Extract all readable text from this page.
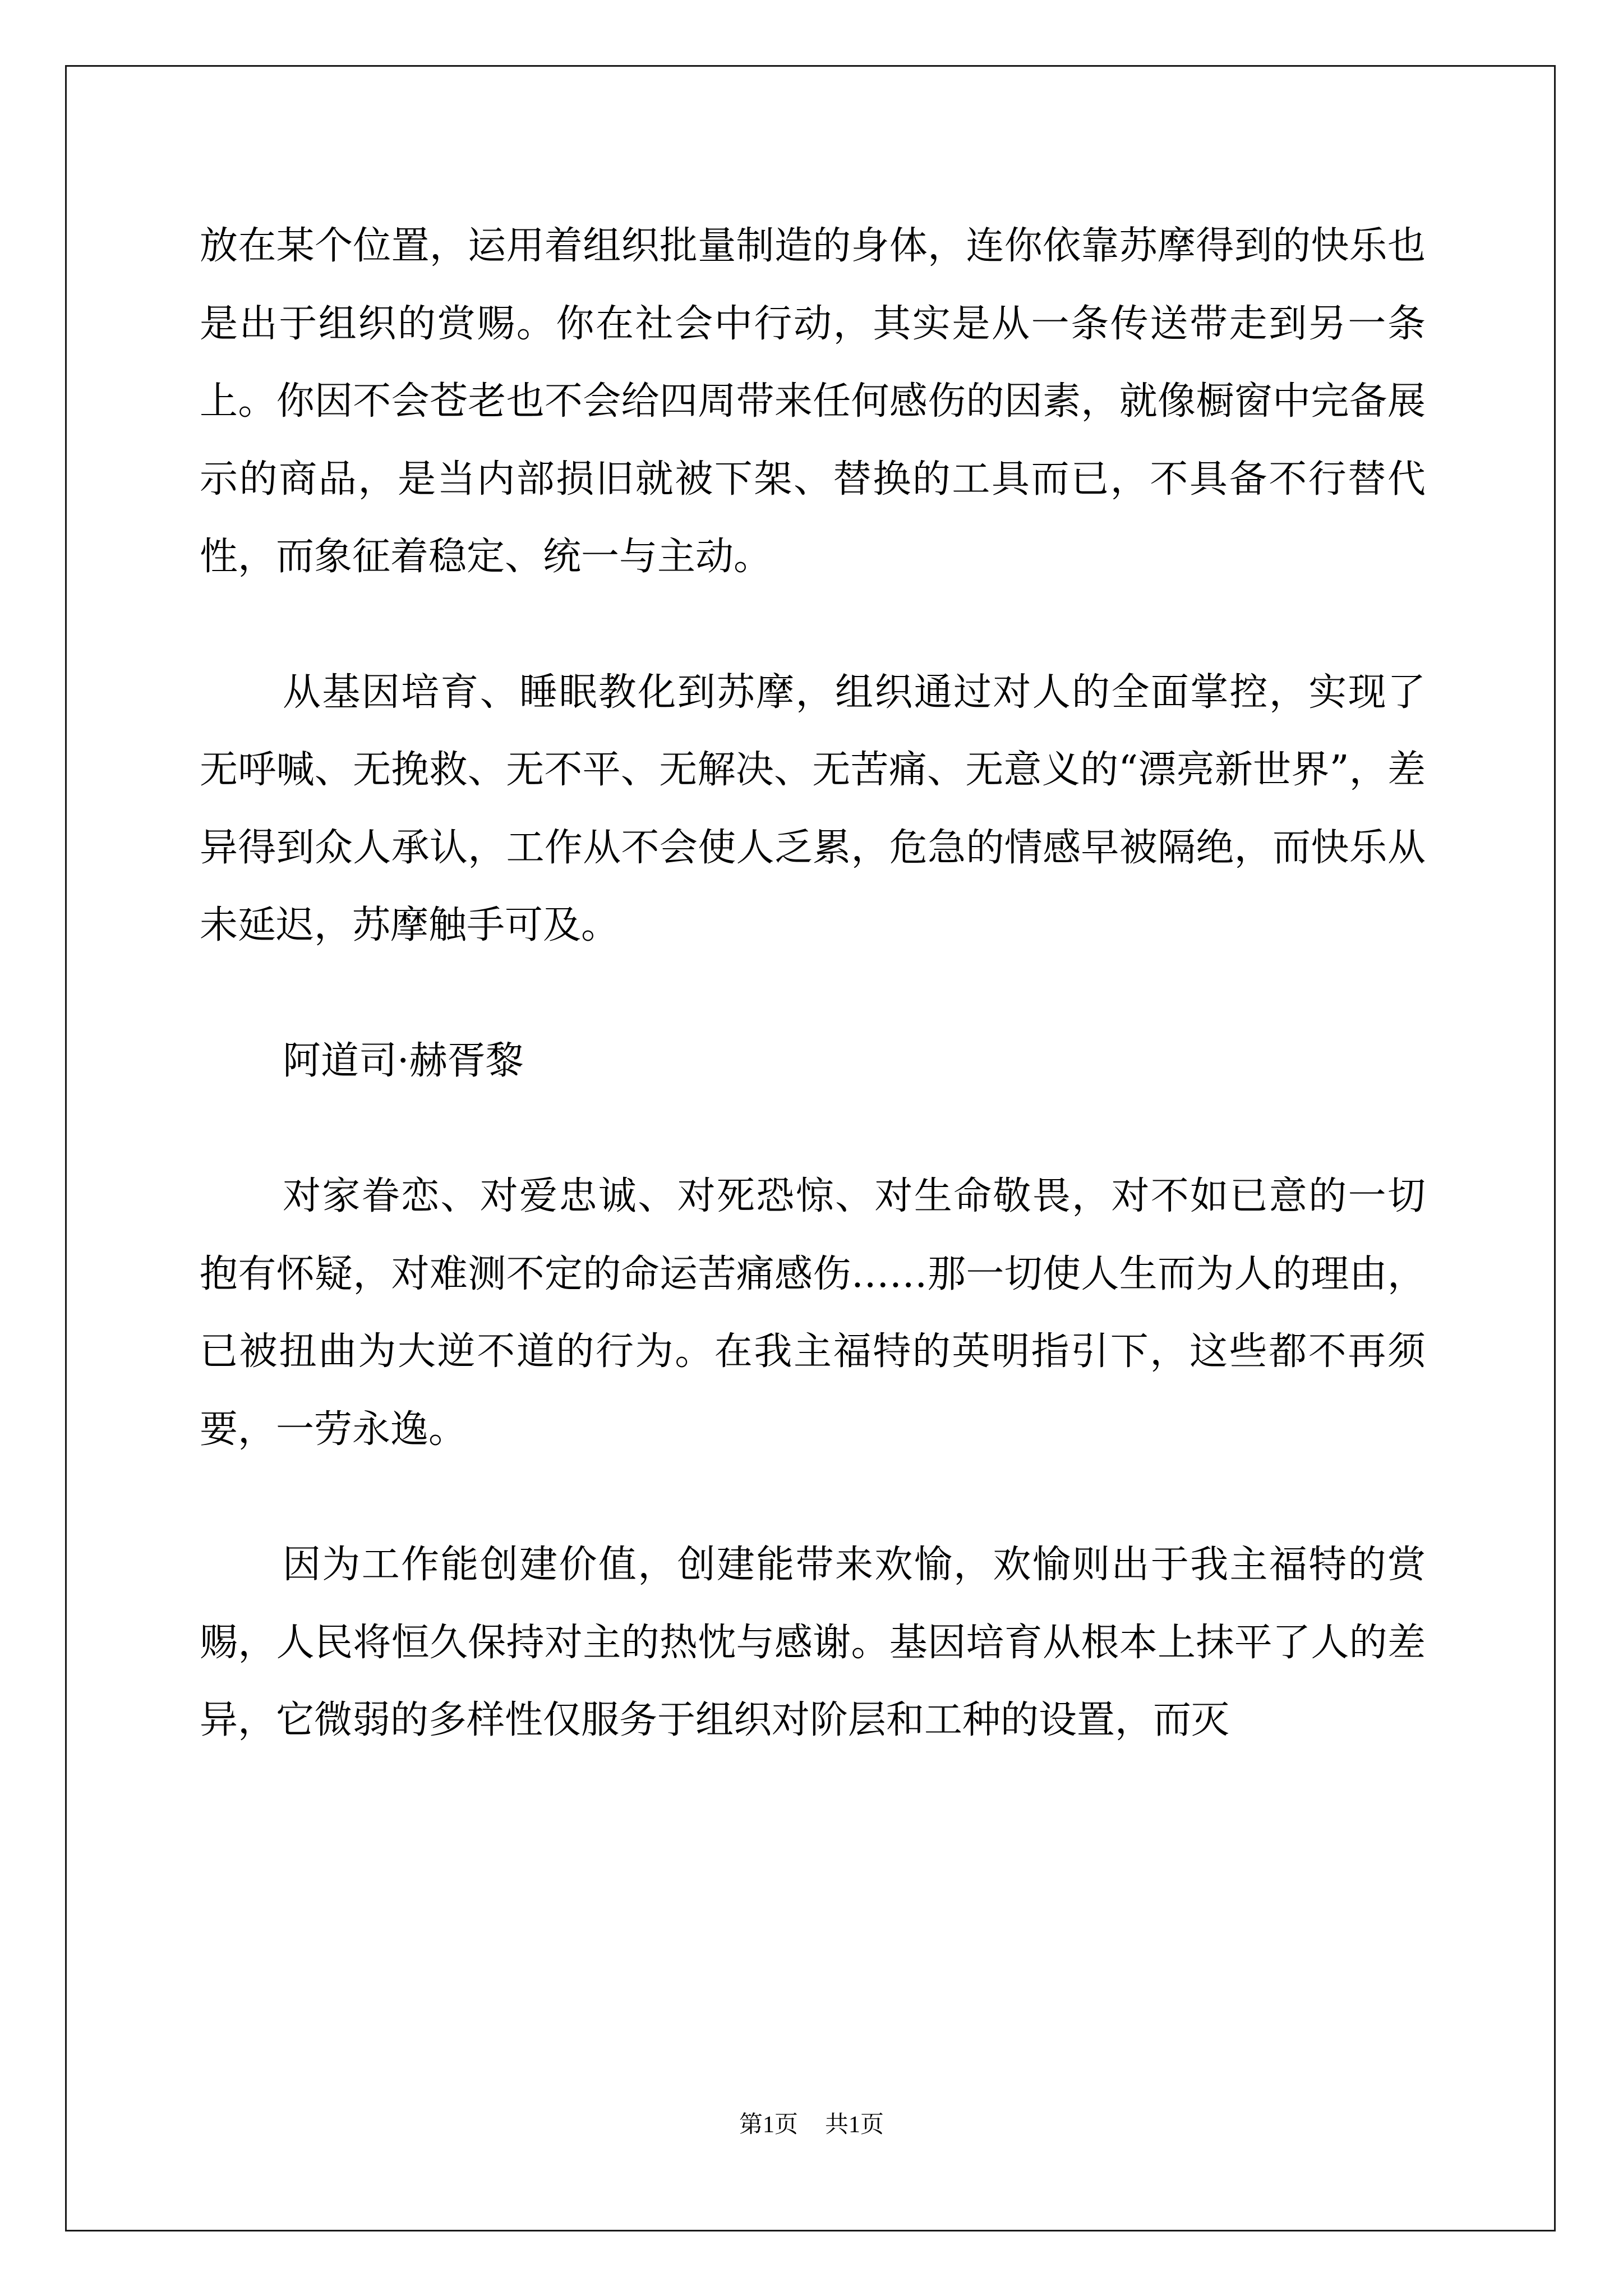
放在某个位置，运用着组织批量制造的身体，连你依靠苏摩得到的快乐也是出于组织的赏赐。你在社会中行动，其实是从一条传送带走到另一条上。你因不会苍老也不会给四周带来任何感伤的因素，就像橱窗中完备展示的商品，是当内部损旧就被下架、替换的工具而已，不具备不行替代性，而象征着稳定、统一与主动。

从基因培育、睡眠教化到苏摩，组织通过对人的全面掌控，实现了无呼喊、无挽救、无不平、无解决、无苦痛、无意义的“漂亮新世界”，差异得到众人承认，工作从不会使人乏累，危急的情感早被隔绝，而快乐从未延迟，苏摩触手可及。

阿道司·赫胥黎

对家眷恋、对爱忠诚、对死恐惊、对生命敬畏，对不如已意的一切抱有怀疑，对难测不定的命运苦痛感伤……那一切使人生而为人的理由，已被扭曲为大逆不道的行为。在我主福特的英明指引下，这些都不再须要，一劳永逸。

因为工作能创建价值，创建能带来欢愉，欢愉则出于我主福特的赏赐，人民将恒久保持对主的热忱与感谢。基因培育从根本上抹平了人的差异，它微弱的多样性仅服务于组织对阶层和工种的设置，而灭

第1页 共1页
